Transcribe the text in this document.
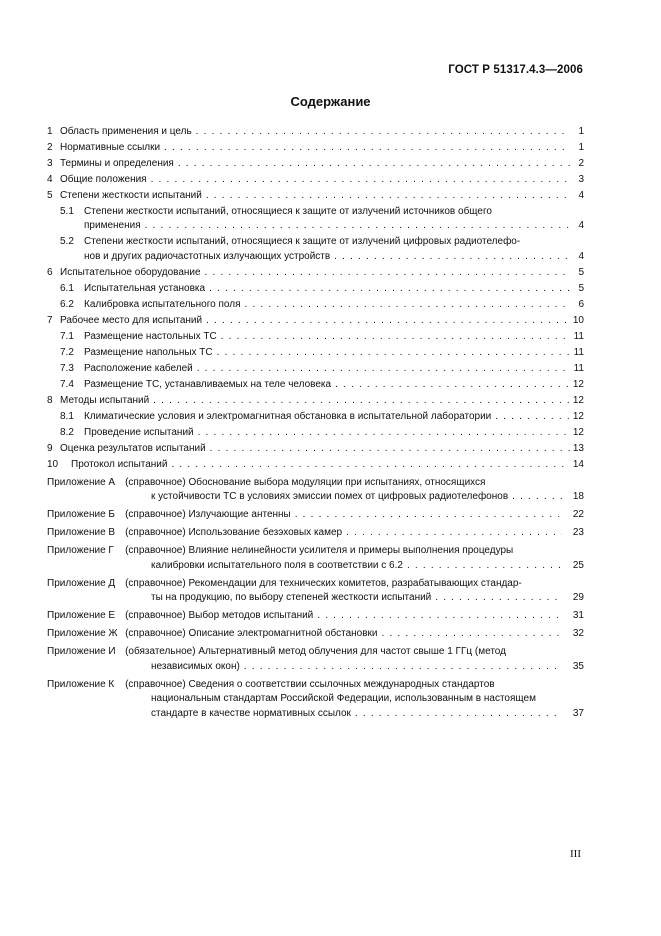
ГОСТ Р 51317.4.3—2006
Содержание
1 Область применения и цель . . .	1
2 Нормативные ссылки . . .	1
3 Термины и определения . . .	2
4 Общие положения . . .	3
5 Степени жесткости испытаний . . .	4
5.1 Степени жесткости испытаний, относящиеся к защите от излучений источников общего
применения . . .	4
5.2 Степени жесткости испытаний, относящиеся к защите от излучений цифровых радиотелефо-
нов и других радиочастотных излучающих устройств . . .	4
6 Испытательное оборудование . . .	5
6.1 Испытательная установка . . .	5
6.2 Калибровка испытательного поля . . .	6
7 Рабочее место для испытаний . . .	10
7.1 Размещение настольных ТС . . .	11
7.2 Размещение напольных ТС . . .	11
7.3 Расположение кабелей . . .	11
7.4 Размещение ТС, устанавливаемых на теле человека . . .	12
8 Методы испытаний . . .	12
8.1 Климатические условия и электромагнитная обстановка в испытательной лаборатории . . .	12
8.2 Проведение испытаний . . .	12
9 Оценка результатов испытаний . . .	13
10 Протокол испытаний . . .	14
Приложение А (справочное) Обоснование выбора модуляции при испытаниях, относящихся
к устойчивости ТС в условиях эмиссии помех от цифровых радиотелефонов . . .	18
Приложение Б	(справочное) Излучающие антенны . . .	22
Приложение В (справочное) Использование безэховых камер . . .	23
Приложение Г	(справочное) Влияние нелинейности усилителя и примеры выполнения процедуры
калибровки испытательного поля в соответствии с 6.2 . . .	25
Приложение Д (справочное) Рекомендации для технических комитетов, разрабатывающих стандар-
ты на продукцию, по выбору степеней жесткости испытаний . . .	29
Приложение Е (справочное) Выбор методов испытаний . . .	31
Приложение Ж (справочное) Описание электромагнитной обстановки . . .	32
Приложение И (обязательное) Альтернативный метод облучения для частот свыше 1 ГГц (метод
независимых окон) . . .	35
Приложение К	(справочное) Сведения о соответствии ссылочных международных стандартов
национальным стандартам Российской Федерации, использованным в настоящем
стандарте в качестве нормативных ссылок . . .	37
III
